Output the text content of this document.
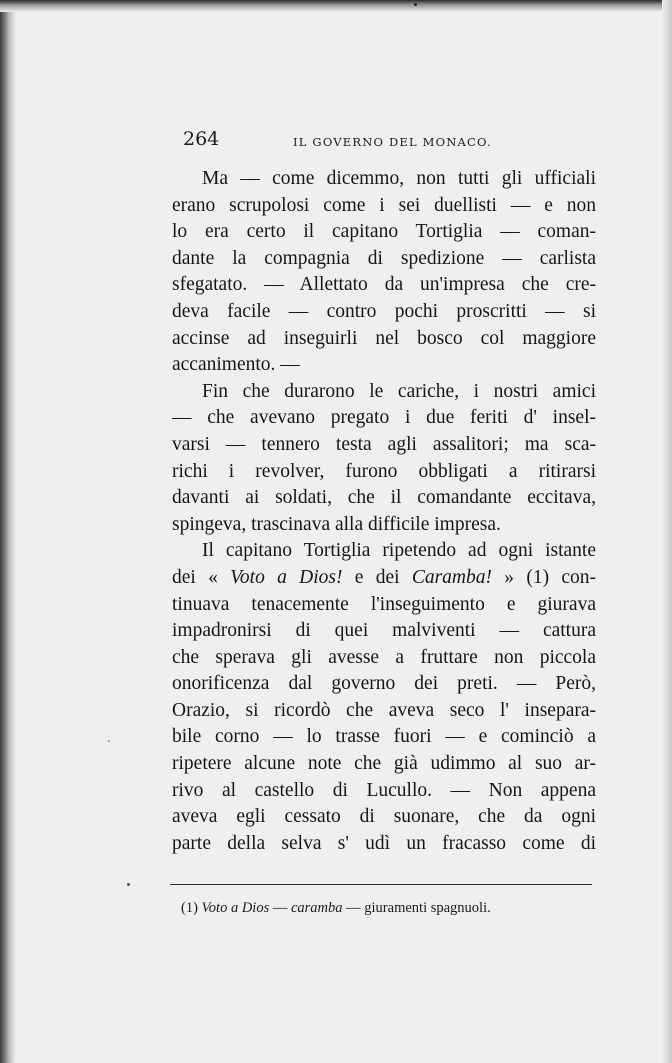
264	IL GOVERNO DEL MONACO.
Ma — come dicemmo, non tutti gli ufficiali
erano scrupolosi come i sei duellisti — e non
lo era certo il capitano Tortiglia — coman-
dante la compagnia di spedizione — carlista
sfegatato. — Allettato da un'impresa che cre-
deva facile — contro pochi proscritti — si
accinse ad inseguirli nel bosco col maggiore
accanimento. —
Fin che durarono le cariche, i nostri amici
— che avevano pregato i due feriti d' insel-
varsi — tennero testa agli assalitori; ma sca-
richi i revolver, furono obbligati a ritirarsi
davanti ai soldati, che il comandante eccitava,
spingeva, trascinava alla difficile impresa.
Il capitano Tortiglia ripetendo ad ogni istante
dei « Voto a Dios! e dei Caramba! » (1) con-
tinuava tenacemente l'inseguimento e giurava
impadronirsi di quei malviventi — cattura
che sperava gli avesse a fruttare non piccola
onorificenza dal governo dei preti. — Però,
Orazio, si ricordò che aveva seco l' insepara-
bile corno — lo trasse fuori — e cominciò a
ripetere alcune note che già udimmo al suo ar-
rivo al castello di Lucullo. — Non appena
aveva egli cessato di suonare, che da ogni
parte della selva s' udì un fracasso come di
(1) Voto a Dios — caramba — giuramenti spagnuoli.
